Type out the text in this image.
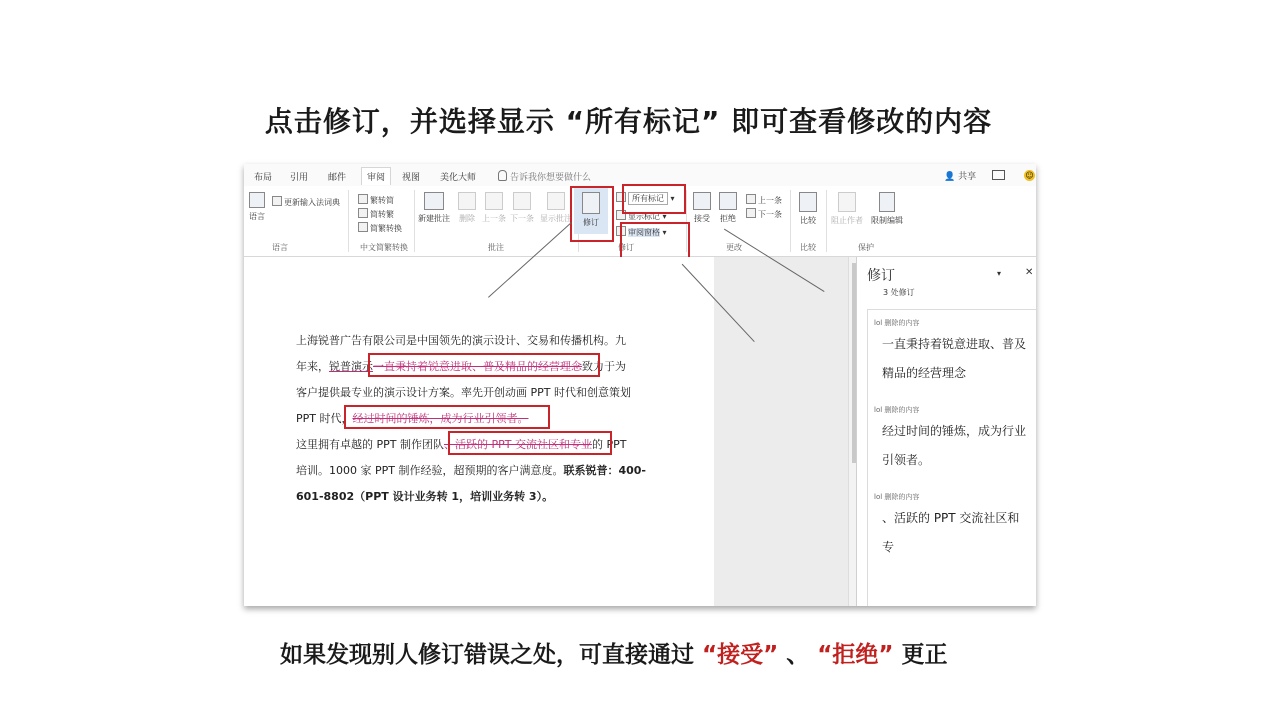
点击修订，并选择显示 “所有标记” 即可查看修改的内容
布局 引用 邮件	审阅	视图 美化大师	告诉我你想要做什么	👤 共享	☺
语言
更新输入法词典
语言
繁转简
简转繁
简繁转换
中文简繁转换
新建批注	删除 上一条 下一条 显示批注
批注
修订
所有标记 ▾
显示标记 ▾
审阅窗格 ▾
修订
接受	拒绝
上一条
下一条
更改
比较
比较
阻止作者	限制编辑
保护
上海锐普广告有限公司是中国领先的演示设计、交易和传播机构。九
年来，锐普演示一直秉持着锐意进取、普及精品的经营理念致力于为
客户提供最专业的演示设计方案。率先开创动画 PPT 时代和创意策划
PPT 时代，经过时间的锤炼，成为行业引领者。
这里拥有卓越的 PPT 制作团队、活跃的 PPT 交流社区和专业的 PPT
培训。1000 家 PPT 制作经验，超预期的客户满意度。联系锐普：400-
601-8802（PPT 设计业务转 1，培训业务转 3）。
修订	▾ ✕
3 处修订
lol 删除的内容
一直秉持着锐意进取、普及精品的经营理念
lol 删除的内容
经过时间的锤炼，成为行业引领者。
lol 删除的内容
、活跃的 PPT 交流社区和专
如果发现别人修订错误之处，可直接通过 “接受” 、 “拒绝” 更正
